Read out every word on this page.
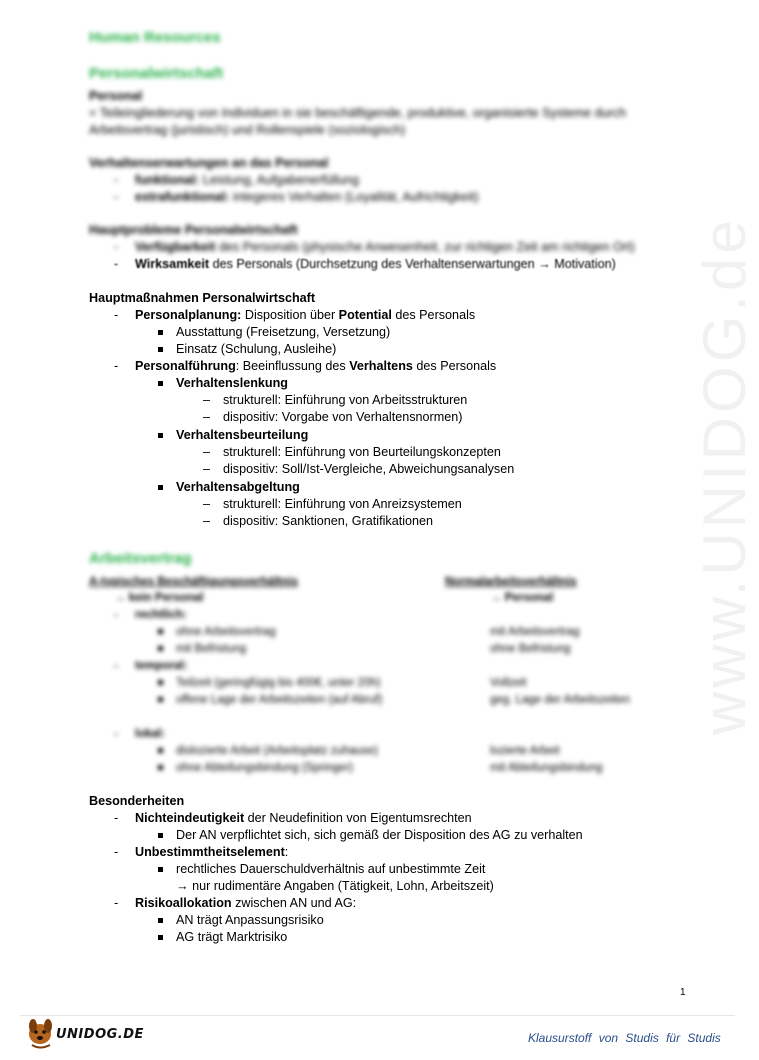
www.UNIDOG.de
Human Resources
Personalwirtschaft
Personal
= Teileingliederung von Individuen in sie beschäftigende, produktive, organisierte Systeme durch
Arbeitsvertrag (juristisch) und Rollenspiele (soziologisch)
Verhaltenserwartungen an das Personal
- funktional: Leistung, Aufgabenerfüllung
- extrafunktional: integeres Verhalten (Loyalität, Aufrichtigkeit)
Hauptprobleme Personalwirtschaft
- Verfügbarkeit des Personals (physische Anwesenheit, zur richtigen Zeit am richtigen Ort)
- Wirksamkeit des Personals (Durchsetzung des Verhaltenserwartungen → Motivation)
Hauptmaßnahmen Personalwirtschaft
- Personalplanung: Disposition über Potential des Personals
Ausstattung (Freisetzung, Versetzung)
Einsatz (Schulung, Ausleihe)
- Personalführung: Beeinflussung des Verhaltens des Personals
Verhaltenslenkung
– strukturell: Einführung von Arbeitsstrukturen
– dispositiv: Vorgabe von Verhaltensnormen)
Verhaltensbeurteilung
– strukturell: Einführung von Beurteilungskonzepten
– dispositiv: Soll/Ist-Vergleiche, Abweichungsanalysen
Verhaltensabgeltung
– strukturell: Einführung von Anreizsystemen
– dispositiv: Sanktionen, Gratifikationen
Arbeitsvertrag
A-typisches Beschäftigungsverhältnis	Normalarbeitsverhältnis
→ kein Personal	→ Personal
- rechtlich:
ohne Arbeitsvertrag	mit Arbeitsvertrag
mit Befristung	ohne Befristung
- temporal:
Teilzeit (geringfügig bis 400€, unter 20h)	Vollzeit
offene Lage der Arbeitszeiten (auf Abruf)	geg. Lage der Arbeitszeiten
- lokal:
dislozierte Arbeit (Arbeitsplatz zuhause)	lozierte Arbeit
ohne Abteilungsbindung (Springer)	mit Abteilungsbindung
Besonderheiten
- Nichteindeutigkeit der Neudefinition von Eigentumsrechten
Der AN verpflichtet sich, sich gemäß der Disposition des AG zu verhalten
- Unbestimmtheitselement:
rechtliches Dauerschuldverhältnis auf unbestimmte Zeit
→ nur rudimentäre Angaben (Tätigkeit, Lohn, Arbeitszeit)
- Risikoallokation zwischen AN und AG:
AN trägt Anpassungsrisiko
AG trägt Marktrisiko
1
UNIDOG.DE	Klausurstoff von Studis für Studis
